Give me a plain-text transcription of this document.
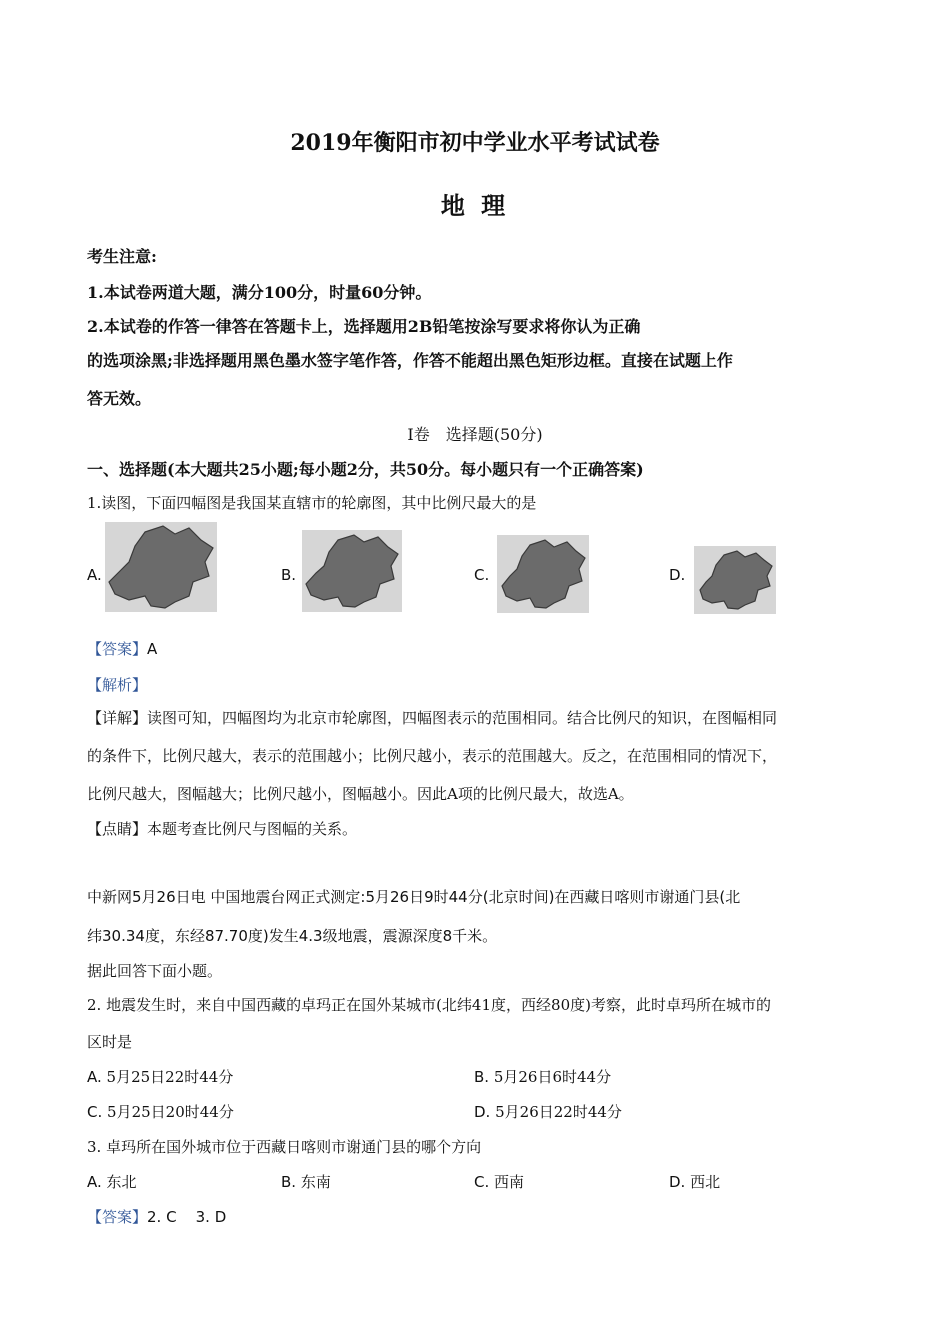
2019年衡阳市初中学业水平考试试卷
地 理
考生注意:
1.本试卷两道大题，满分100分，时量60分钟。
2.本试卷的作答一律答在答题卡上，选择题用2B铅笔按涂写要求将你认为正确
的选项涂黑;非选择题用黑色墨水签字笔作答，作答不能超出黑色矩形边框。直接在试题上作
答无效。
Ⅰ卷　选择题(50分)
一、选择题(本大题共25小题;每小题2分，共50分。每小题只有一个正确答案)
1.读图，下面四幅图是我国某直辖市的轮廓图，其中比例尺最大的是
A.	B.	C.	D.
【答案】A
【解析】
【详解】读图可知，四幅图均为北京市轮廓图，四幅图表示的范围相同。结合比例尺的知识，在图幅相同
的条件下，比例尺越大，表示的范围越小；比例尺越小，表示的范围越大。反之，在范围相同的情况下，
比例尺越大，图幅越大；比例尺越小，图幅越小。因此A项的比例尺最大，故选A。
【点睛】本题考查比例尺与图幅的关系。
中新网5月26日电 中国地震台网正式测定:5月26日9时44分(北京时间)在西藏日喀则市谢通门县(北
纬30.34度，东经87.70度)发生4.3级地震，震源深度8千米。
据此回答下面小题。
2. 地震发生时，来自中国西藏的卓玛正在国外某城市(北纬41度，西经80度)考察，此时卓玛所在城市的
区时是
A. 5月25日22时44分	B. 5月26日6时44分
C. 5月25日20时44分	D. 5月26日22时44分
3. 卓玛所在国外城市位于西藏日喀则市谢通门县的哪个方向
A. 东北	B. 东南	C. 西南	D. 西北
【答案】2. C    3. D
